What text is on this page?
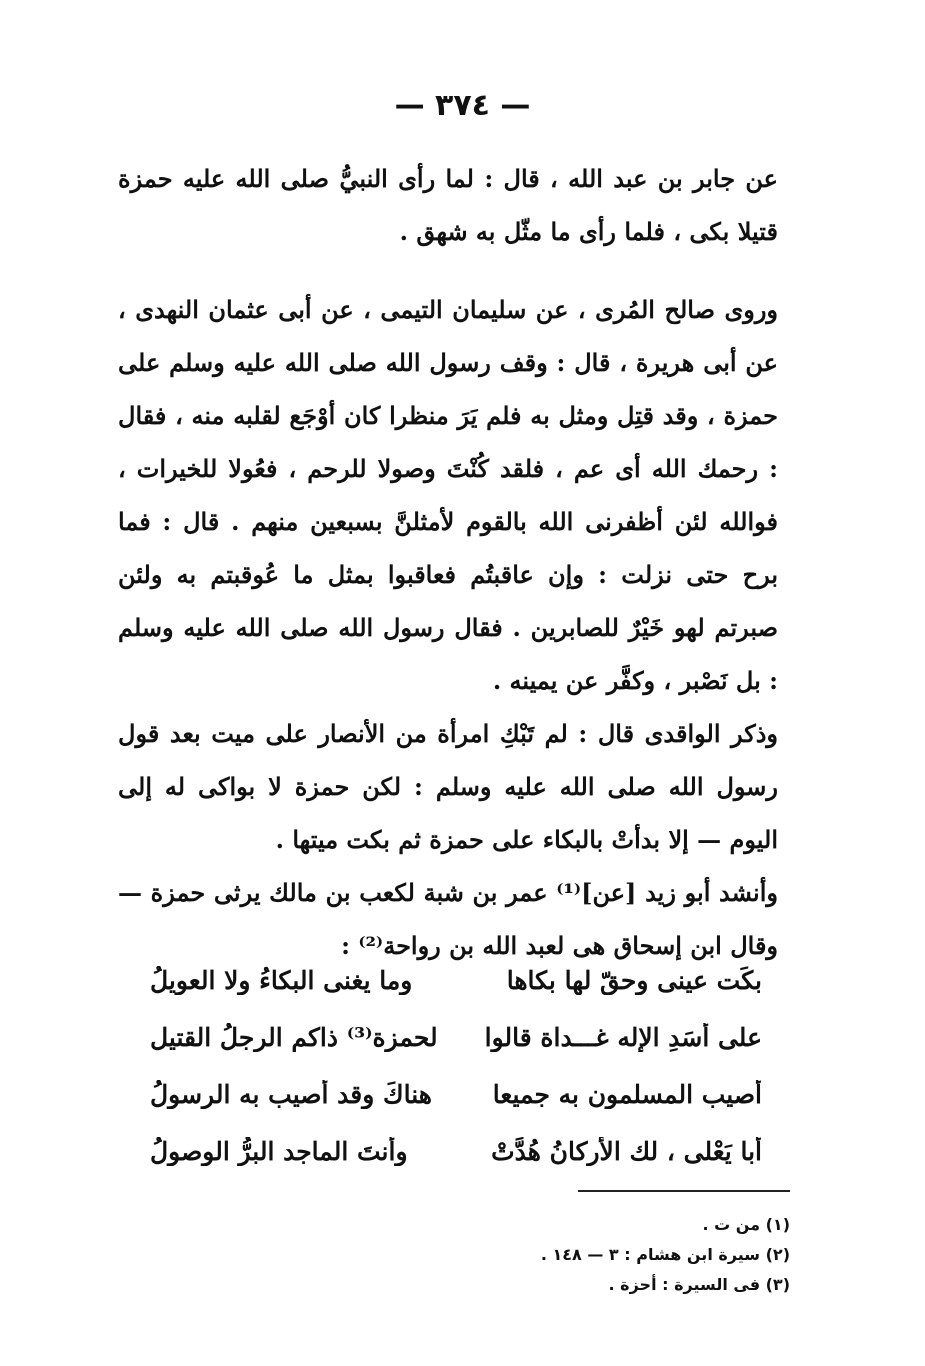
— ٣٧٤ —

عن جابر بن عبد الله ، قال : لما رأى النبيُّ صلى الله عليه حمزة قتيلا بكى ، فلما رأى ما مثّل به شهق .

وروى صالح المُرى ، عن سليمان التيمى ، عن أبى عثمان النهدى ، عن أبى هريرة ، قال : وقف رسول الله صلى الله عليه وسلم على حمزة ، وقد قتِل ومثل به فلم يَرَ منظرا كان أوْجَع لقلبه منه ، فقال : رحمك الله أى عم ، فلقد كُنْتَ وصولا للرحم ، فعُولا للخيرات ، فوالله لئن أظفرنى الله بالقوم لأمثلنَّ بسبعين منهم . قال : فما برح حتى نزلت : وإن عاقبتُم فعاقبوا بمثل ما عُوقبتم به ولئن صبرتم لهو خَيْرٌ للصابرين . فقال رسول الله صلى الله عليه وسلم : بل نَصْبر ، وكفَّر عن يمينه .

وذكر الواقدى قال : لم تَبْكِ امرأة من الأنصار على ميت بعد قول رسول الله صلى الله عليه وسلم : لكن حمزة لا بواكى له إلى اليوم — إلا بدأتْ بالبكاء على حمزة ثم بكت ميتها .

وأنشد أبو زيد [عن]⁽¹⁾ عمر بن شبة لكعب بن مالك يرثى حمزة — وقال ابن إسحاق هى لعبد الله بن رواحة⁽²⁾ :

بكَت عينى وحقّ لها بكاها
وما يغنى البكاءُ ولا العويلُ
على أسَدِ الإله غـــداة قالوا
لحمزة⁽³⁾ ذاكم الرجلُ القتيل
أصيب المسلمون به جميعا
هناكَ وقد أصيب به الرسولُ
أبا يَعْلى ، لك الأركانُ هُدَّتْ
وأنتَ الماجد البرُّ الوصولُ
(١) من ت .
(٢) سيرة ابن هشام : ٣ — ١٤٨ .
(٣) فى السيرة : أحزة .
